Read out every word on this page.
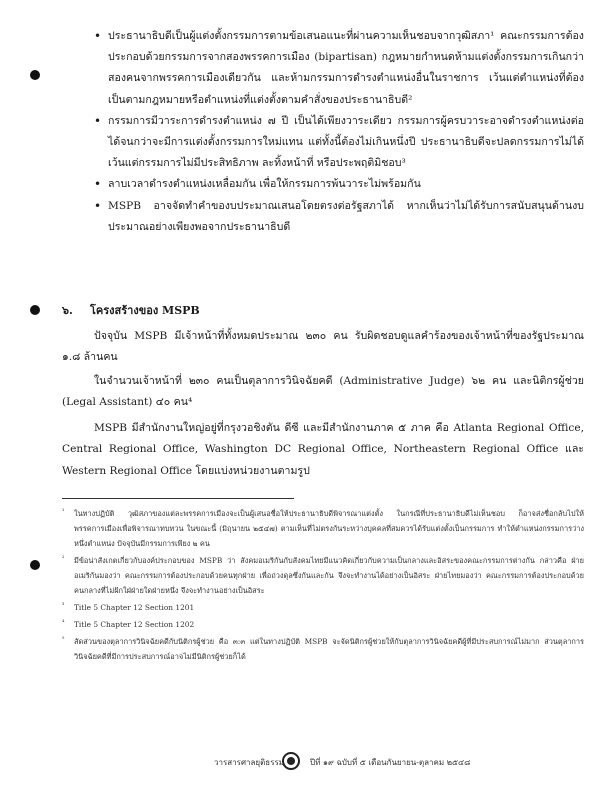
• ประธานาธิบดีเป็นผู้แต่งตั้งกรรมการตามข้อเสนอแนะที่ผ่านความเห็นชอบจากวุฒิสภา¹ คณะกรรมการต้องประกอบด้วยกรรมการจากสองพรรคการเมือง (bipartisan) กฎหมายกำหนดห้ามแต่งตั้งกรรมการเกินกว่าสองคนจากพรรคการเมืองเดียวกัน และห้ามกรรมการดำรงตำแหน่งอื่นในราชการ เว้นแต่ตำแหน่งที่ต้องเป็นตามกฎหมายหรือตำแหน่งที่แต่งตั้งตามคำสั่งของประธานาธิบดี²
• กรรมการมีวาระการดำรงตำแหน่ง ๗ ปี เป็นได้เพียงวาระเดียว กรรมการผู้ครบวาระอาจดำรงตำแหน่งต่อได้จนกว่าจะมีการแต่งตั้งกรรมการใหม่แทน แต่ทั้งนี้ต้องไม่เกินหนึ่งปี ประธานาธิบดีจะปลดกรรมการไม่ได้ เว้นแต่กรรมการไม่มีประสิทธิภาพ ละทิ้งหน้าที่ หรือประพฤติมิชอบ³
• ลาบเวลาดำรงตำแหน่งเหลื่อมกัน เพื่อให้กรรมการพ้นวาระไม่พร้อมกัน
• MSPB อาจจัดทำคำของบประมาณเสนอโดยตรงต่อรัฐสภาได้ หากเห็นว่าไม่ได้รับการสนับสนุนด้านงบประมาณอย่างเพียงพอจากประธานาธิบดี
๖. โครงสร้างของ MSPB
ปัจจุบัน MSPB มีเจ้าหน้าที่ทั้งหมดประมาณ ๒๓๐ คน รับผิดชอบดูแลคำร้องของเจ้าหน้าที่ของรัฐประมาณ ๑.๘ ล้านคน
ในจำนวนเจ้าหน้าที่ ๒๓๐ คนเป็นตุลาการวินิจฉัยคดี (Administrative Judge) ๖๒ คน และนิติกรผู้ช่วย (Legal Assistant) ๔๐ คน⁴
MSPB มีสำนักงานใหญ่อยู่ที่กรุงวอชิงตัน ดีซี และมีสำนักงานภาค ๕ ภาค คือ Atlanta Regional Office, Central Regional Office, Washington DC Regional Office, Northeastern Regional Office และ Western Regional Office โดยแบ่งหน่วยงานตามรูป
¹ ในทางปฏิบัติ วุฒิสภาของแต่ละพรรคการเมืองจะเป็นผู้เสนอชื่อให้ประธานาธิบดีพิจารณาแต่งตั้ง ในกรณีที่ประธานาธิบดีไม่เห็นชอบ ก็อาจส่งชื่อกลับไปให้พรรคการเมืองเพื่อพิจารณาทบทวน ในขณะนี้ (มิถุนายน ๒๕๔๗) ตามเห็นที่ไม่ตรงกันระหว่างบุคคลที่สมควรได้รับแต่งตั้งเป็นกรรมการ ทำให้ตำแหน่งกรรมการว่างหนึ่งตำแหน่ง ปัจจุบันมีกรรมการเพียง ๒ คน
² มีข้อน่าสังเกตเกี่ยวกับองค์ประกอบของ MSPB ว่า สังคมอเมริกันกับสังคมไทยมีแนวคิดเกี่ยวกับความเป็นกลางและอิสระของคณะกรรมการต่างกัน กล่าวคือ ฝ่ายอเมริกันมองว่า คณะกรรมการต้องประกอบด้วยคนทุกฝ่าย เพื่อถ่วงดุลซึ่งกันและกัน จึงจะทำงานได้อย่างเป็นอิสระ ฝ่ายไทยมองว่า คณะกรรมการต้องประกอบด้วยคนกลางที่ไม่ฝักใฝ่ฝ่ายใดฝ่ายหนึ่ง จึงจะทำงานอย่างเป็นอิสระ
³ Title 5 Chapter 12 Section 1201
⁴ Title 5 Chapter 12 Section 1202
⁵ สัดส่วนของตุลาการวินิจฉัยคดีกับนิติกรผู้ช่วย คือ ๓:๓ แต่ในทางปฏิบัติ MSPB จะจัดนิติกรผู้ช่วยให้กับตุลาการวินิจฉัยคดีผู้ที่มีประสบการณ์ไม่มาก ส่วนตุลาการวินิจฉัยคดีที่มีการประสบการณ์อาจไม่มีนิติกรผู้ช่วยก็ได้
วารสารศาลยุติธรรม	ปีที่ ๑๙ ฉบับที่ ๕ เดือนกันยายน-ตุลาคม ๒๕๔๘
